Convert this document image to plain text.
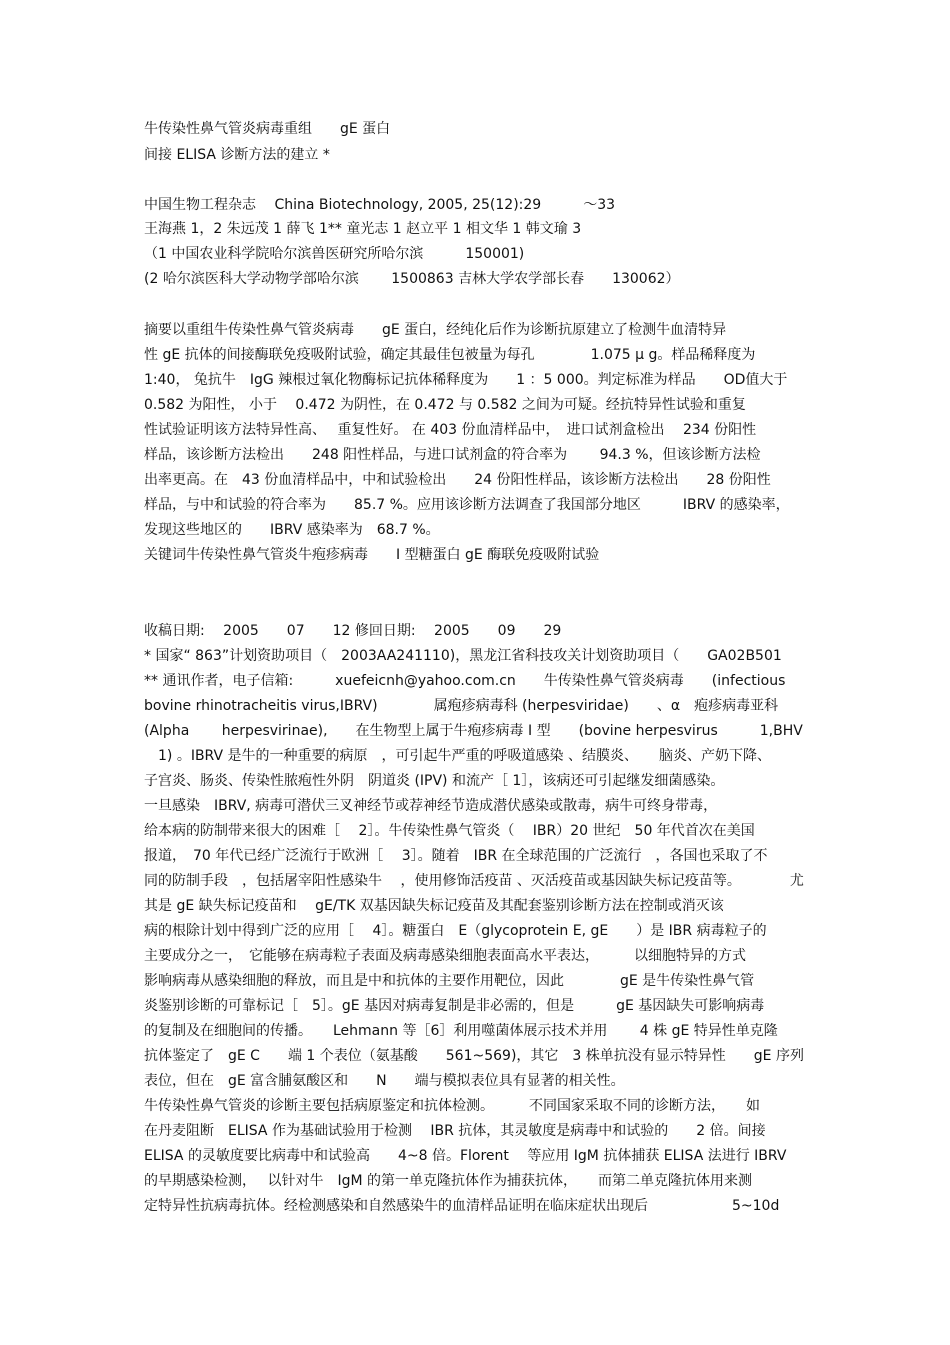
牛传染性鼻气管炎病毒重组　　gE 蛋白
间接 ELISA 诊断方法的建立 *
中国生物工程杂志　 China Biotechnology, 2005, 25(12):29　　　～33
王海燕 1，2 朱远茂 1 薛飞 1** 童光志 1 赵立平 1 相文华 1 韩文瑜 3
（1 中国农业科学院哈尔滨兽医研究所哈尔滨　　　150001)
(2 哈尔滨医科大学动物学部哈尔滨　　 1500863 吉林大学农学部长春　　130062）
摘要以重组牛传染性鼻气管炎病毒　　gE 蛋白，经纯化后作为诊断抗原建立了检测牛血清特异
性 gE 抗体的间接酶联免疫吸附试验，确定其最佳包被量为每孔　　　　1.075 μ g。样品稀释度为
1:40， 兔抗牛　IgG 辣根过氧化物酶标记抗体稀释度为　　1 ：5 000。判定标准为样品　　OD值大于
0.582 为阳性， 小于　 0.472 为阴性，在 0.472 与 0.582 之间为可疑。经抗特异性试验和重复
性试验证明该方法特异性高、　 重复性好。 在 403 份血清样品中，　进口试剂盒检出　 234 份阳性
样品，该诊断方法检出　　248 阳性样品，与进口试剂盒的符合率为　　 94.3 %，但该诊断方法检
出率更高。在　43 份血清样品中，中和试验检出　　24 份阳性样品，该诊断方法检出　　28 份阳性
样品，与中和试验的符合率为　　85.7 %。应用该诊断方法调查了我国部分地区　　　IBRV 的感染率，
发现这些地区的　　IBRV 感染率为　68.7 %。
关键词牛传染性鼻气管炎牛疱疹病毒　　I 型糖蛋白 gE 酶联免疫吸附试验
收稿日期:　 2005　　07　　12 修回日期:　 2005　　09　　29
* 国家“ 863”计划资助项目（　2003AA241110)，黑龙江省科技攻关计划资助项目（　　GA02B501
** 通讯作者，电子信箱:　　　xuefeicnh@yahoo.com.cn　　牛传染性鼻气管炎病毒　　(infectious
bovine rhinotracheitis virus,IBRV)　　　　属疱疹病毒科 (herpesviridae)　　、α　疱疹病毒亚科
(Alpha　　 herpesvirinae),　　在生物型上属于牛疱疹病毒 I 型　　(bovine herpesvirus　　　1,BHV
　1) 。IBRV 是牛的一种重要的病原　，可引起牛严重的呼吸道感染 、结膜炎、　　脑炎、产奶下降、
子宫炎、肠炎、传染性脓疱性外阴　阴道炎 (IPV) 和流产［ 1］，该病还可引起继发细菌感染。
一旦感染　IBRV, 病毒可潜伏三叉神经节或荐神经节造成潜伏感染或散毒，病牛可终身带毒，
给本病的防制带来很大的困难［　 2］。牛传染性鼻气管炎（　 IBR）20 世纪　50 年代首次在美国
报道，　70 年代已经广泛流行于欧洲［　 3］。随着　IBR 在全球范围的广泛流行　，各国也采取了不
同的防制手段　，包括屠宰阳性感染牛　 ，使用修饰活疫苗 、灭活疫苗或基因缺失标记疫苗等。　　　　尤
其是 gE 缺失标记疫苗和　 gE/TK 双基因缺失标记疫苗及其配套鉴别诊断方法在控制或消灭该
病的根除计划中得到广泛的应用［　 4］。糖蛋白　E（glycoprotein E, gE　　）是 IBR 病毒粒子的
主要成分之一，　它能够在病毒粒子表面及病毒感染细胞表面高水平表达，　　　以细胞特异的方式
影响病毒从感染细胞的释放，而且是中和抗体的主要作用靶位，因此　　　　gE 是牛传染性鼻气管
炎鉴别诊断的可靠标记［　5］。gE 基因对病毒复制是非必需的，但是　　　gE 基因缺失可影响病毒
的复制及在细胞间的传播。　　Lehmann 等［6］利用噬菌体展示技术并用　　 4 株 gE 特异性单克隆
抗体鉴定了　gE C　　端 1 个表位（氨基酸　　561~569)，其它　3 株单抗没有显示特异性　　gE 序列
表位，但在　gE 富含脯氨酸区和　　N　　端与模拟表位具有显著的相关性。
牛传染性鼻气管炎的诊断主要包括病原鉴定和抗体检测。　　　不同国家采取不同的诊断方法，　　如
在丹麦阻断　ELISA 作为基础试验用于检测　 IBR 抗体，其灵敏度是病毒中和试验的　　2 倍。间接
ELISA 的灵敏度要比病毒中和试验高　　4~8 倍。Florent　 等应用 IgM 抗体捕获 ELISA 法进行 IBRV
的早期感染检测，　 以针对牛　IgM 的第一单克隆抗体作为捕获抗体，　　而第二单克隆抗体用来测
定特异性抗病毒抗体。经检测感染和自然感染牛的血清样品证明在临床症状出现后　　　　　　5~10d
